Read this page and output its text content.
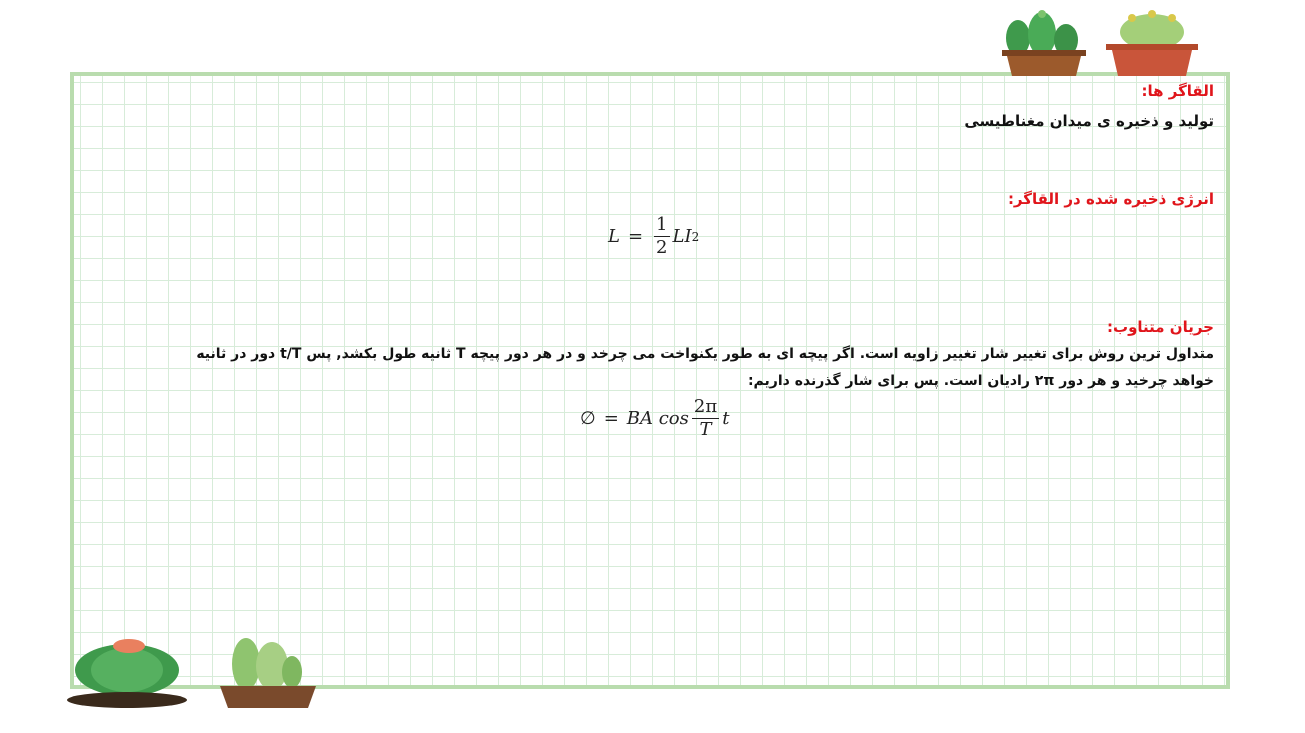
القاگر ها:
تولید و ذخیره ی میدان مغناطیسی
انرژی ذخیره شده در القاگر:
$L = \frac{1}{2}$ LI 2
جریان متناوب:
متداول ترین روش برای تغییر شار تغییر زاویه است. اگر پیچه ای به طور یکنواخت می چرخد و در هر دور پیچه T ثانیه طول بکشد, پس t/T دور در ثانیه
خواهد چرخید و هر دور ۲π رادیان است. پس برای شار گذرنده داریم:
∅ = BA $\cos \frac{2\pi}{T}$ t
